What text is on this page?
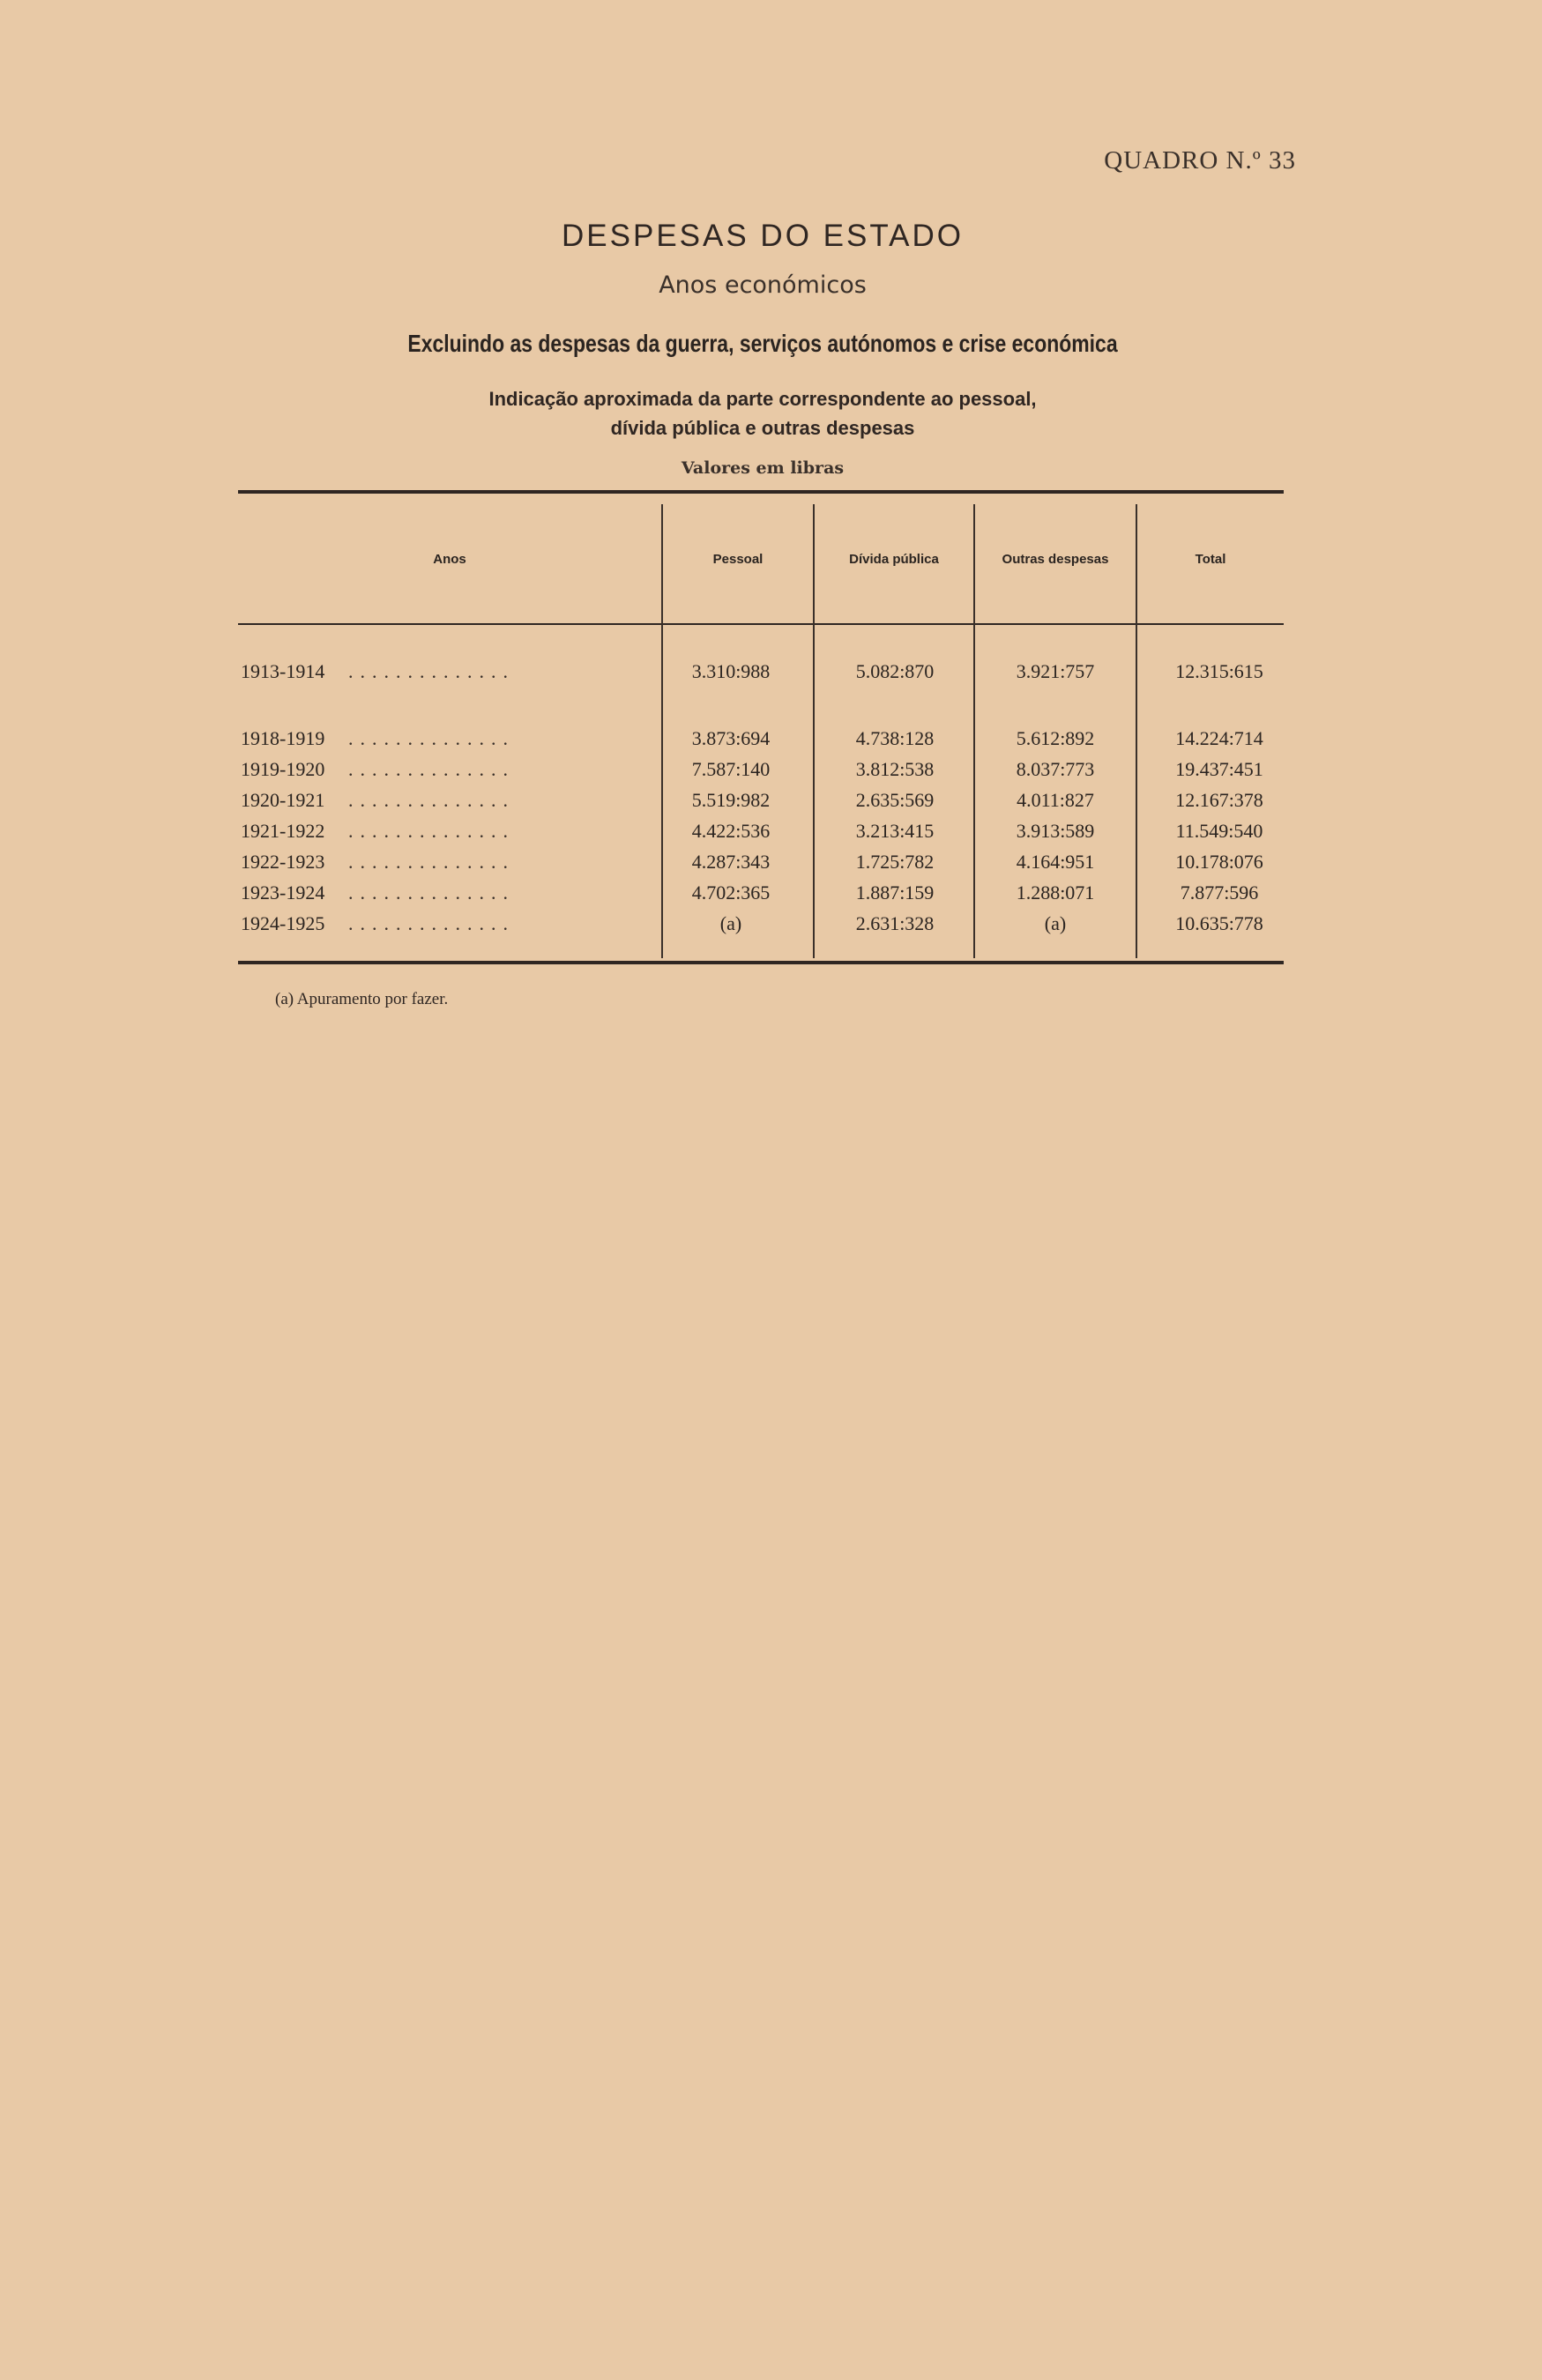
QUADRO N.º 33
DESPESAS DO ESTADO
Anos económicos
Excluindo as despesas da guerra, serviços autónomos e crise económica
Indicação aproximada da parte correspondente ao pessoal,
dívida pública e outras despesas
Valores em libras
Anos	Pessoal	Dívida pública	Outras despesas	Total
1913-1914 ..............	3.310:988	5.082:870	3.921:757	12.315:615
1918-1919 ..............	3.873:694	4.738:128	5.612:892	14.224:714
1919-1920 ..............	7.587:140	3.812:538	8.037:773	19.437:451
1920-1921 ..............	5.519:982	2.635:569	4.011:827	12.167:378
1921-1922 ..............	4.422:536	3.213:415	3.913:589	11.549:540
1922-1923 ..............	4.287:343	1.725:782	4.164:951	10.178:076
1923-1924 ..............	4.702:365	1.887:159	1.288:071	7.877:596
1924-1925 ..............	(a)	2.631:328	(a)	10.635:778
(a) Apuramento por fazer.
